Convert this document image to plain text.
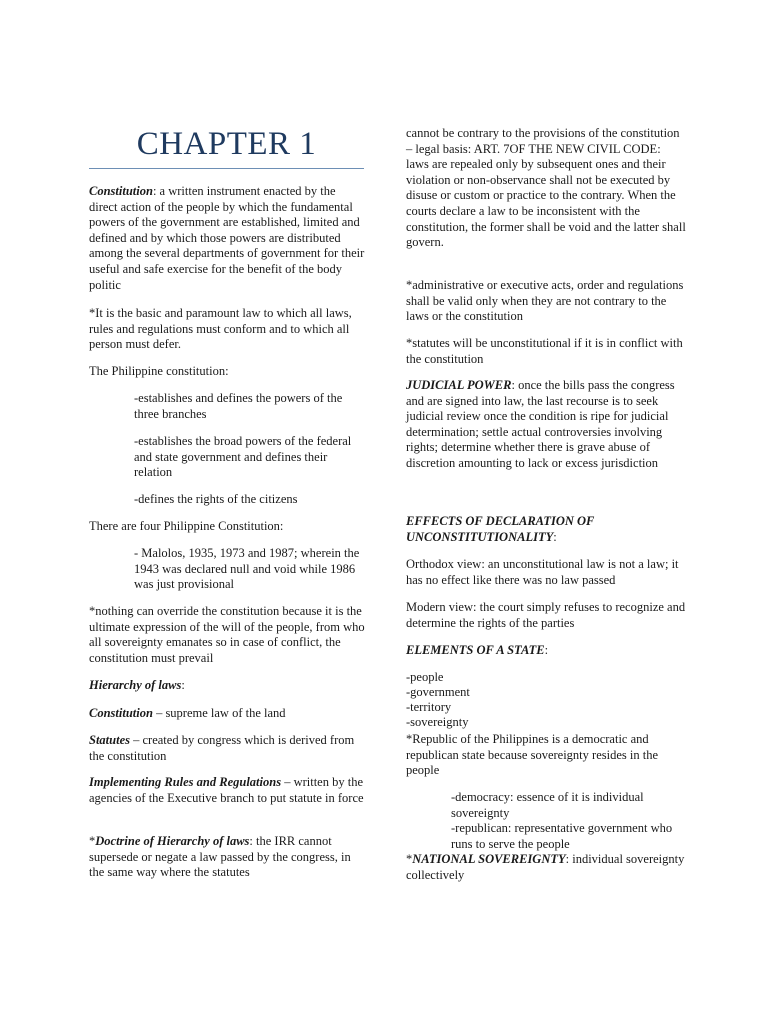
CHAPTER 1

Constitution: a written instrument enacted by the direct action of the people by which the fundamental powers of the government are established, limited and defined and by which those powers are distributed among the several departments of government for their useful and safe exercise for the benefit of the body politic

*It is the basic and paramount law to which all laws, rules and regulations must conform and to which all person must defer.

The Philippine constitution:

-establishes and defines the powers of the three branches

-establishes the broad powers of the federal and state government and defines their relation

-defines the rights of the citizens

There are four Philippine Constitution:

- Malolos, 1935, 1973 and 1987; wherein the 1943 was declared null and void while 1986 was just provisional

*nothing can override the constitution because it is the ultimate expression of the will of the people, from who all sovereignty emanates so in case of conflict, the constitution must prevail

Hierarchy of laws:

Constitution – supreme law of the land

Statutes – created by congress which is derived from the constitution

Implementing Rules and Regulations – written by the agencies of the Executive branch to put statute in force

*Doctrine of Hierarchy of laws: the IRR cannot supersede or negate a law passed by the congress, in the same way where the statutes

cannot be contrary to the provisions of the constitution – legal basis: ART. 7OF THE NEW CIVIL CODE: laws are repealed only by subsequent ones and their violation or non-observance shall not be executed by disuse or custom or practice to the contrary. When the courts declare a law to be inconsistent with the constitution, the former shall be void and the latter shall govern.

*administrative or executive acts, order and regulations shall be valid only when they are not contrary to the laws or the constitution

*statutes will be unconstitutional if it is in conflict with the constitution

JUDICIAL POWER: once the bills pass the congress and are signed into law, the last recourse is to seek judicial review once the condition is ripe for judicial determination; settle actual controversies involving rights; determine whether there is grave abuse of discretion amounting to lack or excess jurisdiction

EFFECTS OF DECLARATION OF UNCONSTITUTIONALITY:

Orthodox view: an unconstitutional law is not a law; it has no effect like there was no law passed

Modern view: the court simply refuses to recognize and determine the rights of the parties

ELEMENTS OF A STATE:

-people

-government

-territory

-sovereignty

*Republic of the Philippines is a democratic and republican state because sovereignty resides in the people

-democracy: essence of it is individual sovereignty

-republican: representative government who runs to serve the people

*NATIONAL SOVEREIGNTY: individual sovereignty collectively
